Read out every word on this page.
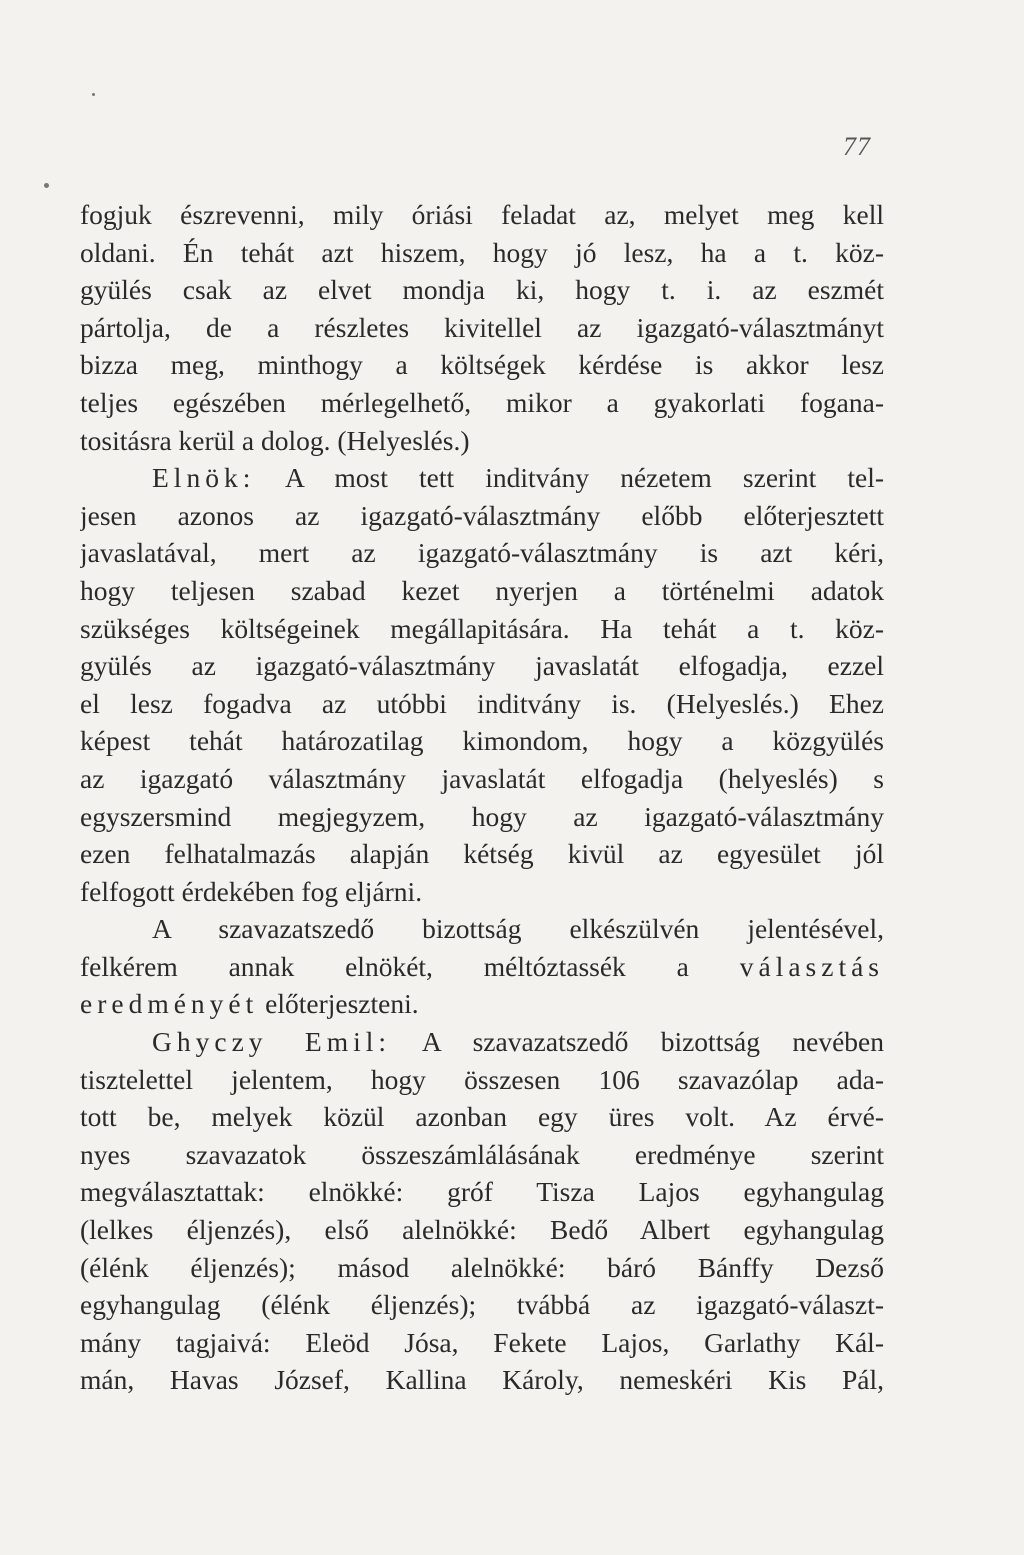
77
fogjuk észrevenni, mily óriási feladat az, melyet meg kell
oldani. Én tehát azt hiszem, hogy jó lesz, ha a t. köz-
gyülés csak az elvet mondja ki, hogy t. i. az eszmét
pártolja, de a részletes kivitellel az igazgató-választmányt
bizza meg, minthogy a költségek kérdése is akkor lesz
teljes egészében mérlegelhető, mikor a gyakorlati fogana-
tositásra kerül a dolog. (Helyeslés.)
Elnök: A most tett inditvány nézetem szerint tel-
jesen azonos az igazgató-választmány előbb előterjesztett
javaslatával, mert az igazgató-választmány is azt kéri,
hogy teljesen szabad kezet nyerjen a történelmi adatok
szükséges költségeinek megállapitására. Ha tehát a t. köz-
gyülés az igazgató-választmány javaslatát elfogadja, ezzel
el lesz fogadva az utóbbi inditvány is. (Helyeslés.) Ehez
képest tehát határozatilag kimondom, hogy a közgyülés
az igazgató választmány javaslatát elfogadja (helyeslés) s
egyszersmind megjegyzem, hogy az igazgató-választmány
ezen felhatalmazás alapján kétség kivül az egyesület jól
felfogott érdekében fog eljárni.
A szavazatszedő bizottság elkészülvén jelentésével,
felkérem annak elnökét, méltóztassék a választás
eredményét előterjeszteni.
Ghyczy Emil: A szavazatszedő bizottság nevében
tisztelettel jelentem, hogy összesen 106 szavazólap ada-
tott be, melyek közül azonban egy üres volt. Az érvé-
nyes szavazatok összeszámlálásának eredménye szerint
megválasztattak: elnökké: gróf Tisza Lajos egyhangulag
(lelkes éljenzés), első alelnökké: Bedő Albert egyhangulag
(élénk éljenzés); másod alelnökké: báró Bánffy Dezső
egyhangulag (élénk éljenzés); tvábbá az igazgató-választ-
mány tagjaivá: Eleöd Jósa, Fekete Lajos, Garlathy Kál-
mán, Havas József, Kallina Károly, nemeskéri Kis Pál,
